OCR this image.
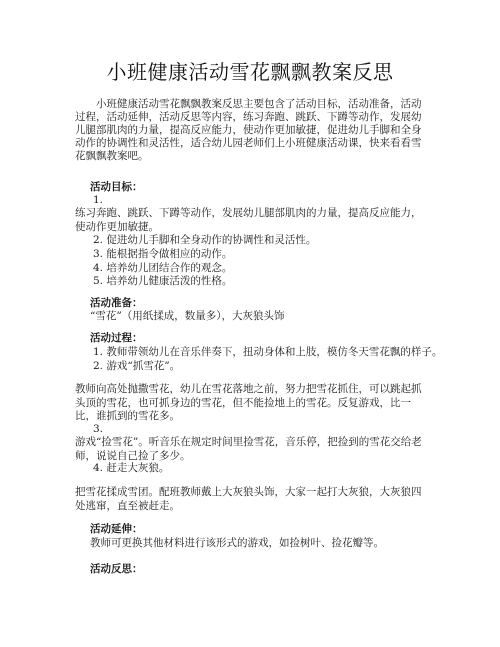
小班健康活动雪花飘飘教案反思
小班健康活动雪花飘飘教案反思主要包含了活动目标，活动准备，活动过程，活动延伸，活动反思等内容，练习奔跑、跳跃、下蹲等动作，发展幼儿腿部肌肉的力量，提高反应能力，使动作更加敏捷，促进幼儿手脚和全身动作的协调性和灵活性，适合幼儿园老师们上小班健康活动课，快来看看雪花飘飘教案吧。
活动目标：
1.
练习奔跑、跳跃、下蹲等动作，发展幼儿腿部肌肉的力量，提高反应能力，使动作更加敏捷。
2. 促进幼儿手脚和全身动作的协调性和灵活性。
3. 能根据指令做相应的动作。
4. 培养幼儿团结合作的观念。
5. 培养幼儿健康活泼的性格。
活动准备：
“雪花”（用纸揉成，数量多），大灰狼头饰
活动过程：
1. 教师带领幼儿在音乐伴奏下，扭动身体和上肢，模仿冬天雪花飘的样子。
2. 游戏“抓雪花”。
教师向高处抛撒雪花，幼儿在雪花落地之前，努力把雪花抓住，可以跳起抓头顶的雪花，也可抓身边的雪花，但不能捡地上的雪花。反复游戏，比一比，谁抓到的雪花多。
3.
游戏“捡雪花”。听音乐在规定时间里捡雪花，音乐停，把捡到的雪花交给老师，说说自己捡了多少。
4. 赶走大灰狼。
把雪花揉成雪团。配班教师戴上大灰狼头饰，大家一起打大灰狼，大灰狼四处逃窜，直至被赶走。
活动延伸：
教师可更换其他材料进行该形式的游戏，如捡树叶、捡花瓣等。
活动反思：
